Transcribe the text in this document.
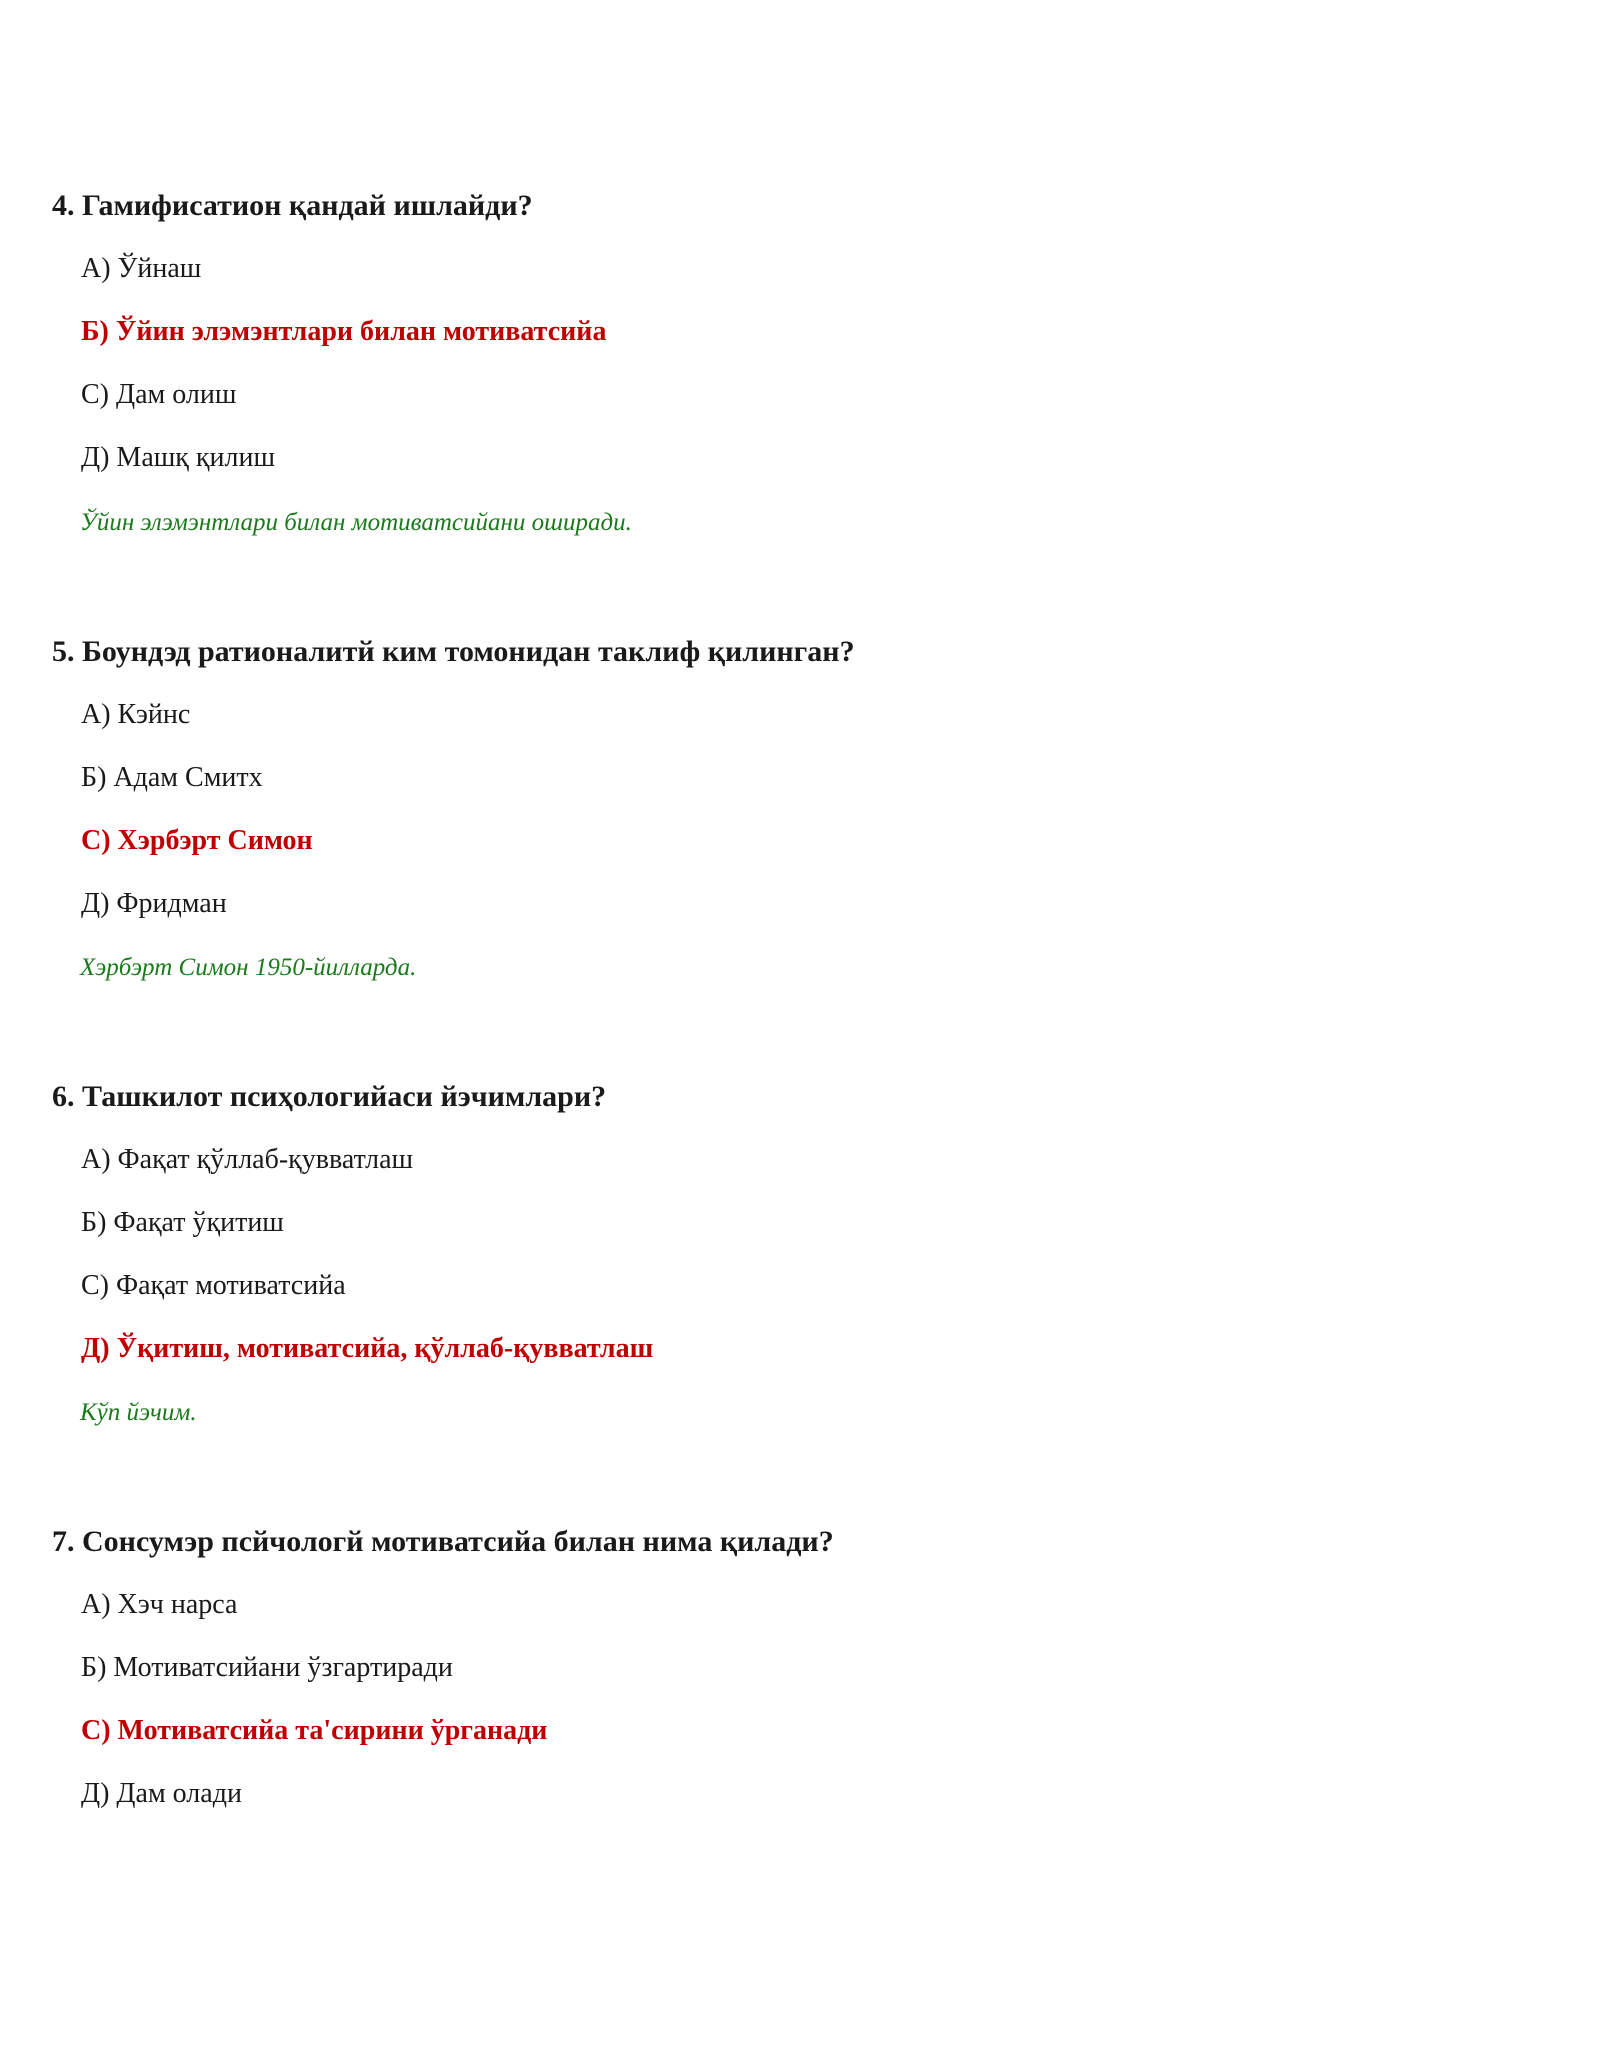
4. Гамифисатион қандай ишлайди?

А) Ўйнаш

Б) Ўйин элэмэнтлари билан мотиватсийа

С) Дам олиш

Д) Машқ қилиш

Ўйин элэмэнтлари билан мотиватсийани оширади.

5. Боундэд ратионалитй ким томонидан таклиф қилинган?

А) Кэйнс

Б) Адам Смитх

С) Хэрбэрт Симон

Д) Фридман

Хэрбэрт Симон 1950-йилларда.

6. Ташкилот псиҳологийаси йэчимлари?

А) Фақат қўллаб-қувватлаш

Б) Фақат ўқитиш

С) Фақат мотиватсийа

Д) Ўқитиш, мотиватсийа, қўллаб-қувватлаш

Кўп йэчим.

7. Сонсумэр псйчологй мотиватсийа билан нима қилади?

А) Хэч нарса

Б) Мотиватсийани ўзгартиради

С) Мотиватсийа та'сирини ўрганади

Д) Дам олади
